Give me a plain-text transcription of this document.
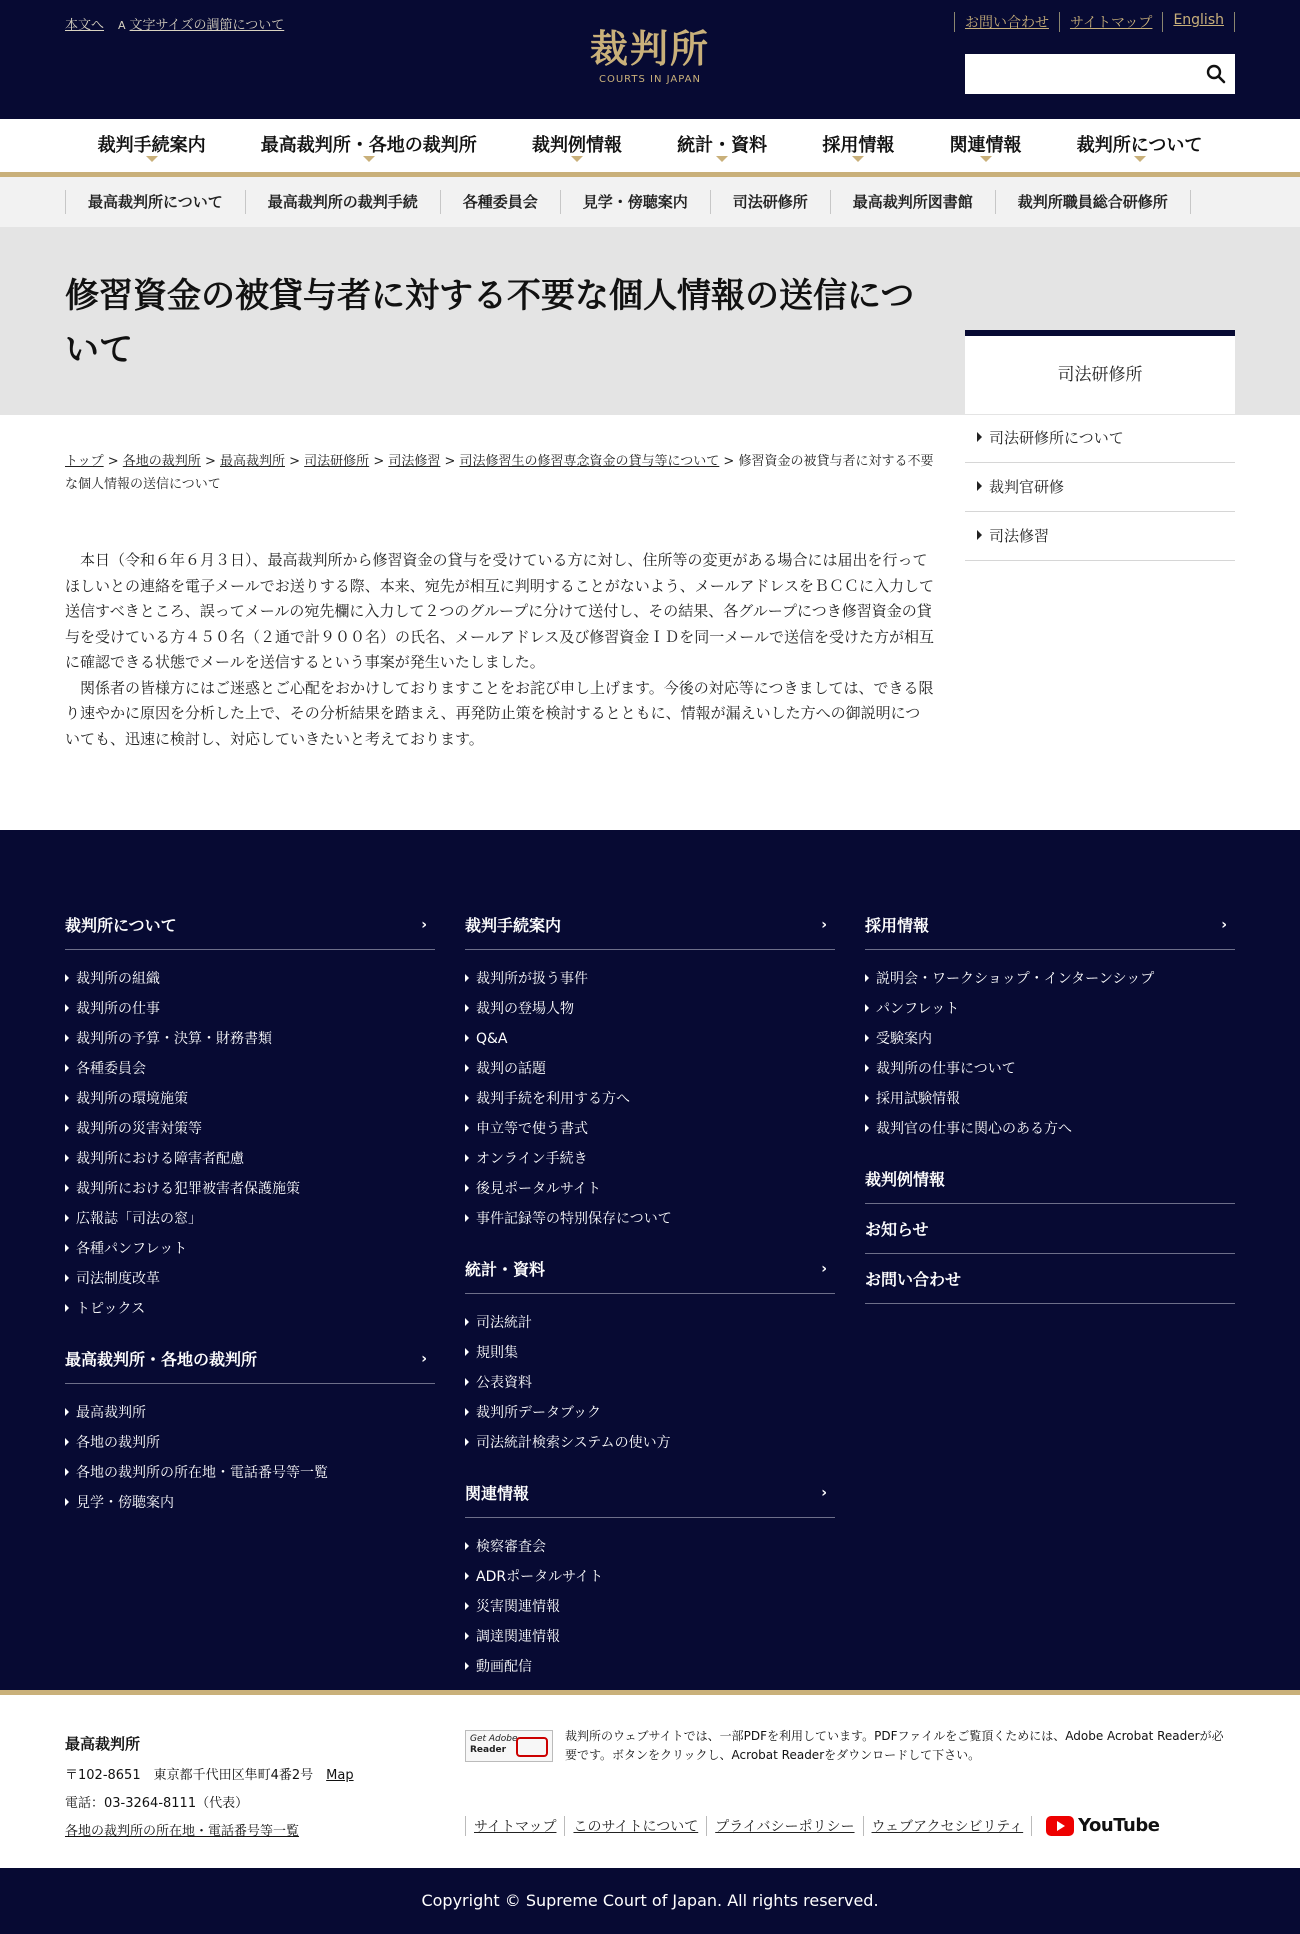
本文へ A 文字サイズの調節について
裁判所
COURTS IN JAPAN
お問い合わせ	サイトマップ	English
裁判手続案内	最高裁判所・各地の裁判所	裁判例情報	統計・資料	採用情報	関連情報	裁判所について
最高裁判所について	最高裁判所の裁判手続	各種委員会	見学・傍聴案内	司法研修所	最高裁判所図書館	裁判所職員総合研修所
修習資金の被貸与者に対する不要な個人情報の送信について
司法研修所
司法研修所について
裁判官研修
司法修習
トップ > 各地の裁判所 > 最高裁判所 > 司法研修所 > 司法修習 > 司法修習生の修習専念資金の貸与等について > 修習資金の被貸与者に対する不要な個人情報の送信について

本日（令和６年６月３日）、最高裁判所から修習資金の貸与を受けている方に対し、住所等の変更がある場合には届出を行ってほしいとの連絡を電子メールでお送りする際、本来、宛先が相互に判明することがないよう、メールアドレスをＢＣＣに入力して送信すべきところ、誤ってメールの宛先欄に入力して２つのグループに分けて送付し、その結果、各グループにつき修習資金の貸与を受けている方４５０名（２通で計９００名）の氏名、メールアドレス及び修習資金ＩＤを同一メールで送信を受けた方が相互に確認できる状態でメールを送信するという事案が発生いたしました。

関係者の皆様方にはご迷惑とご心配をおかけしておりますことをお詫び申し上げます。今後の対応等につきましては、できる限り速やかに原因を分析した上で、その分析結果を踏まえ、再発防止策を検討するとともに、情報が漏えいした方への御説明についても、迅速に検討し、対応していきたいと考えております。

裁判所について	›
裁判所の組織
裁判所の仕事
裁判所の予算・決算・財務書類
各種委員会
裁判所の環境施策
裁判所の災害対策等
裁判所における障害者配慮
裁判所における犯罪被害者保護施策
広報誌「司法の窓」
各種パンフレット
司法制度改革
トピックス
最高裁判所・各地の裁判所	›
最高裁判所
各地の裁判所
各地の裁判所の所在地・電話番号等一覧
見学・傍聴案内
裁判手続案内	›
裁判所が扱う事件
裁判の登場人物
Q&A
裁判の話題
裁判手続を利用する方へ
申立等で使う書式
オンライン手続き
後見ポータルサイト
事件記録等の特別保存について
統計・資料	›
司法統計
規則集
公表資料
裁判所データブック
司法統計検索システムの使い方
関連情報	›
検察審査会
ADRポータルサイト
災害関連情報
調達関連情報
動画配信
採用情報	›
説明会・ワークショップ・インターンシップ
パンフレット
受験案内
裁判所の仕事について
採用試験情報
裁判官の仕事に関心のある方へ
裁判例情報
お知らせ
お問い合わせ
最高裁判所
〒102-8651　東京都千代田区隼町4番2号　 Map
電話：03-3264-8111（代表）
各地の裁判所の所在地・電話番号等一覧
Get Adobe
Reader
裁判所のウェブサイトでは、一部PDFを利用しています。PDFファイルをご覧頂くためには、Adobe Acrobat Readerが必要です。ボタンをクリックし、Acrobat Readerをダウンロードして下さい。
サイトマップ	このサイトについて	プライバシーポリシー	ウェブアクセシビリティ	YouTube
Copyright © Supreme Court of Japan. All rights reserved.
